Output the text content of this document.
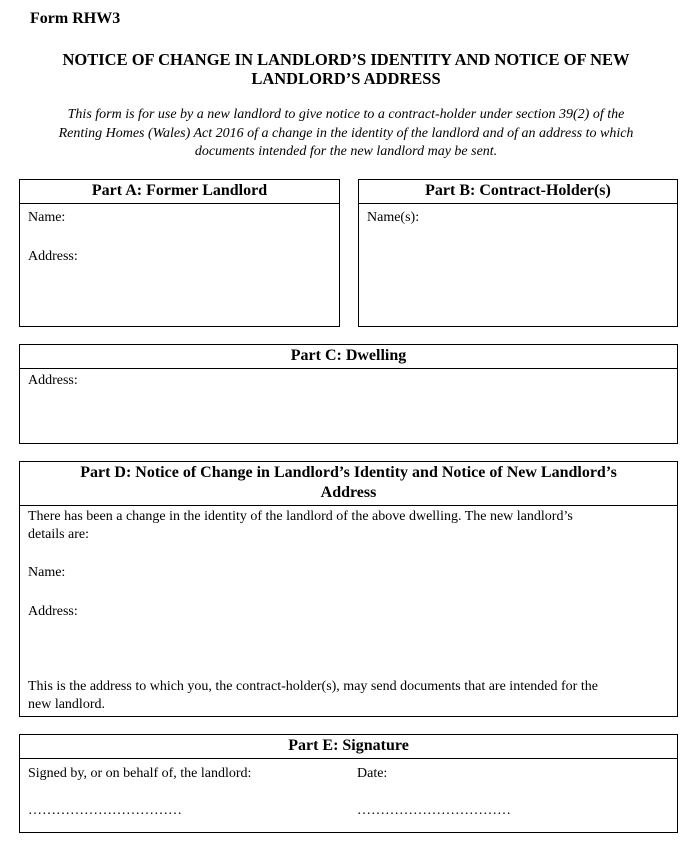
Form RHW3
NOTICE OF CHANGE IN LANDLORD’S IDENTITY AND NOTICE OF NEW
LANDLORD’S ADDRESS
This form is for use by a new landlord to give notice to a contract-holder under section 39(2) of the
Renting Homes (Wales) Act 2016 of a change in the identity of the landlord and of an address to which
documents intended for the new landlord may be sent.
Part A: Former Landlord
Name:
Address:
Part B: Contract-Holder(s)
Name(s):
Part C: Dwelling
Address:
Part D: Notice of Change in Landlord’s Identity and Notice of New Landlord’s
Address
There has been a change in the identity of the landlord of the above dwelling. The new landlord’s
details are:
Name:
Address:
This is the address to which you, the contract-holder(s), may send documents that are intended for the
new landlord.
Part E: Signature
Signed by, or on behalf of, the landlord:
……………………………
Date:
……………………………
